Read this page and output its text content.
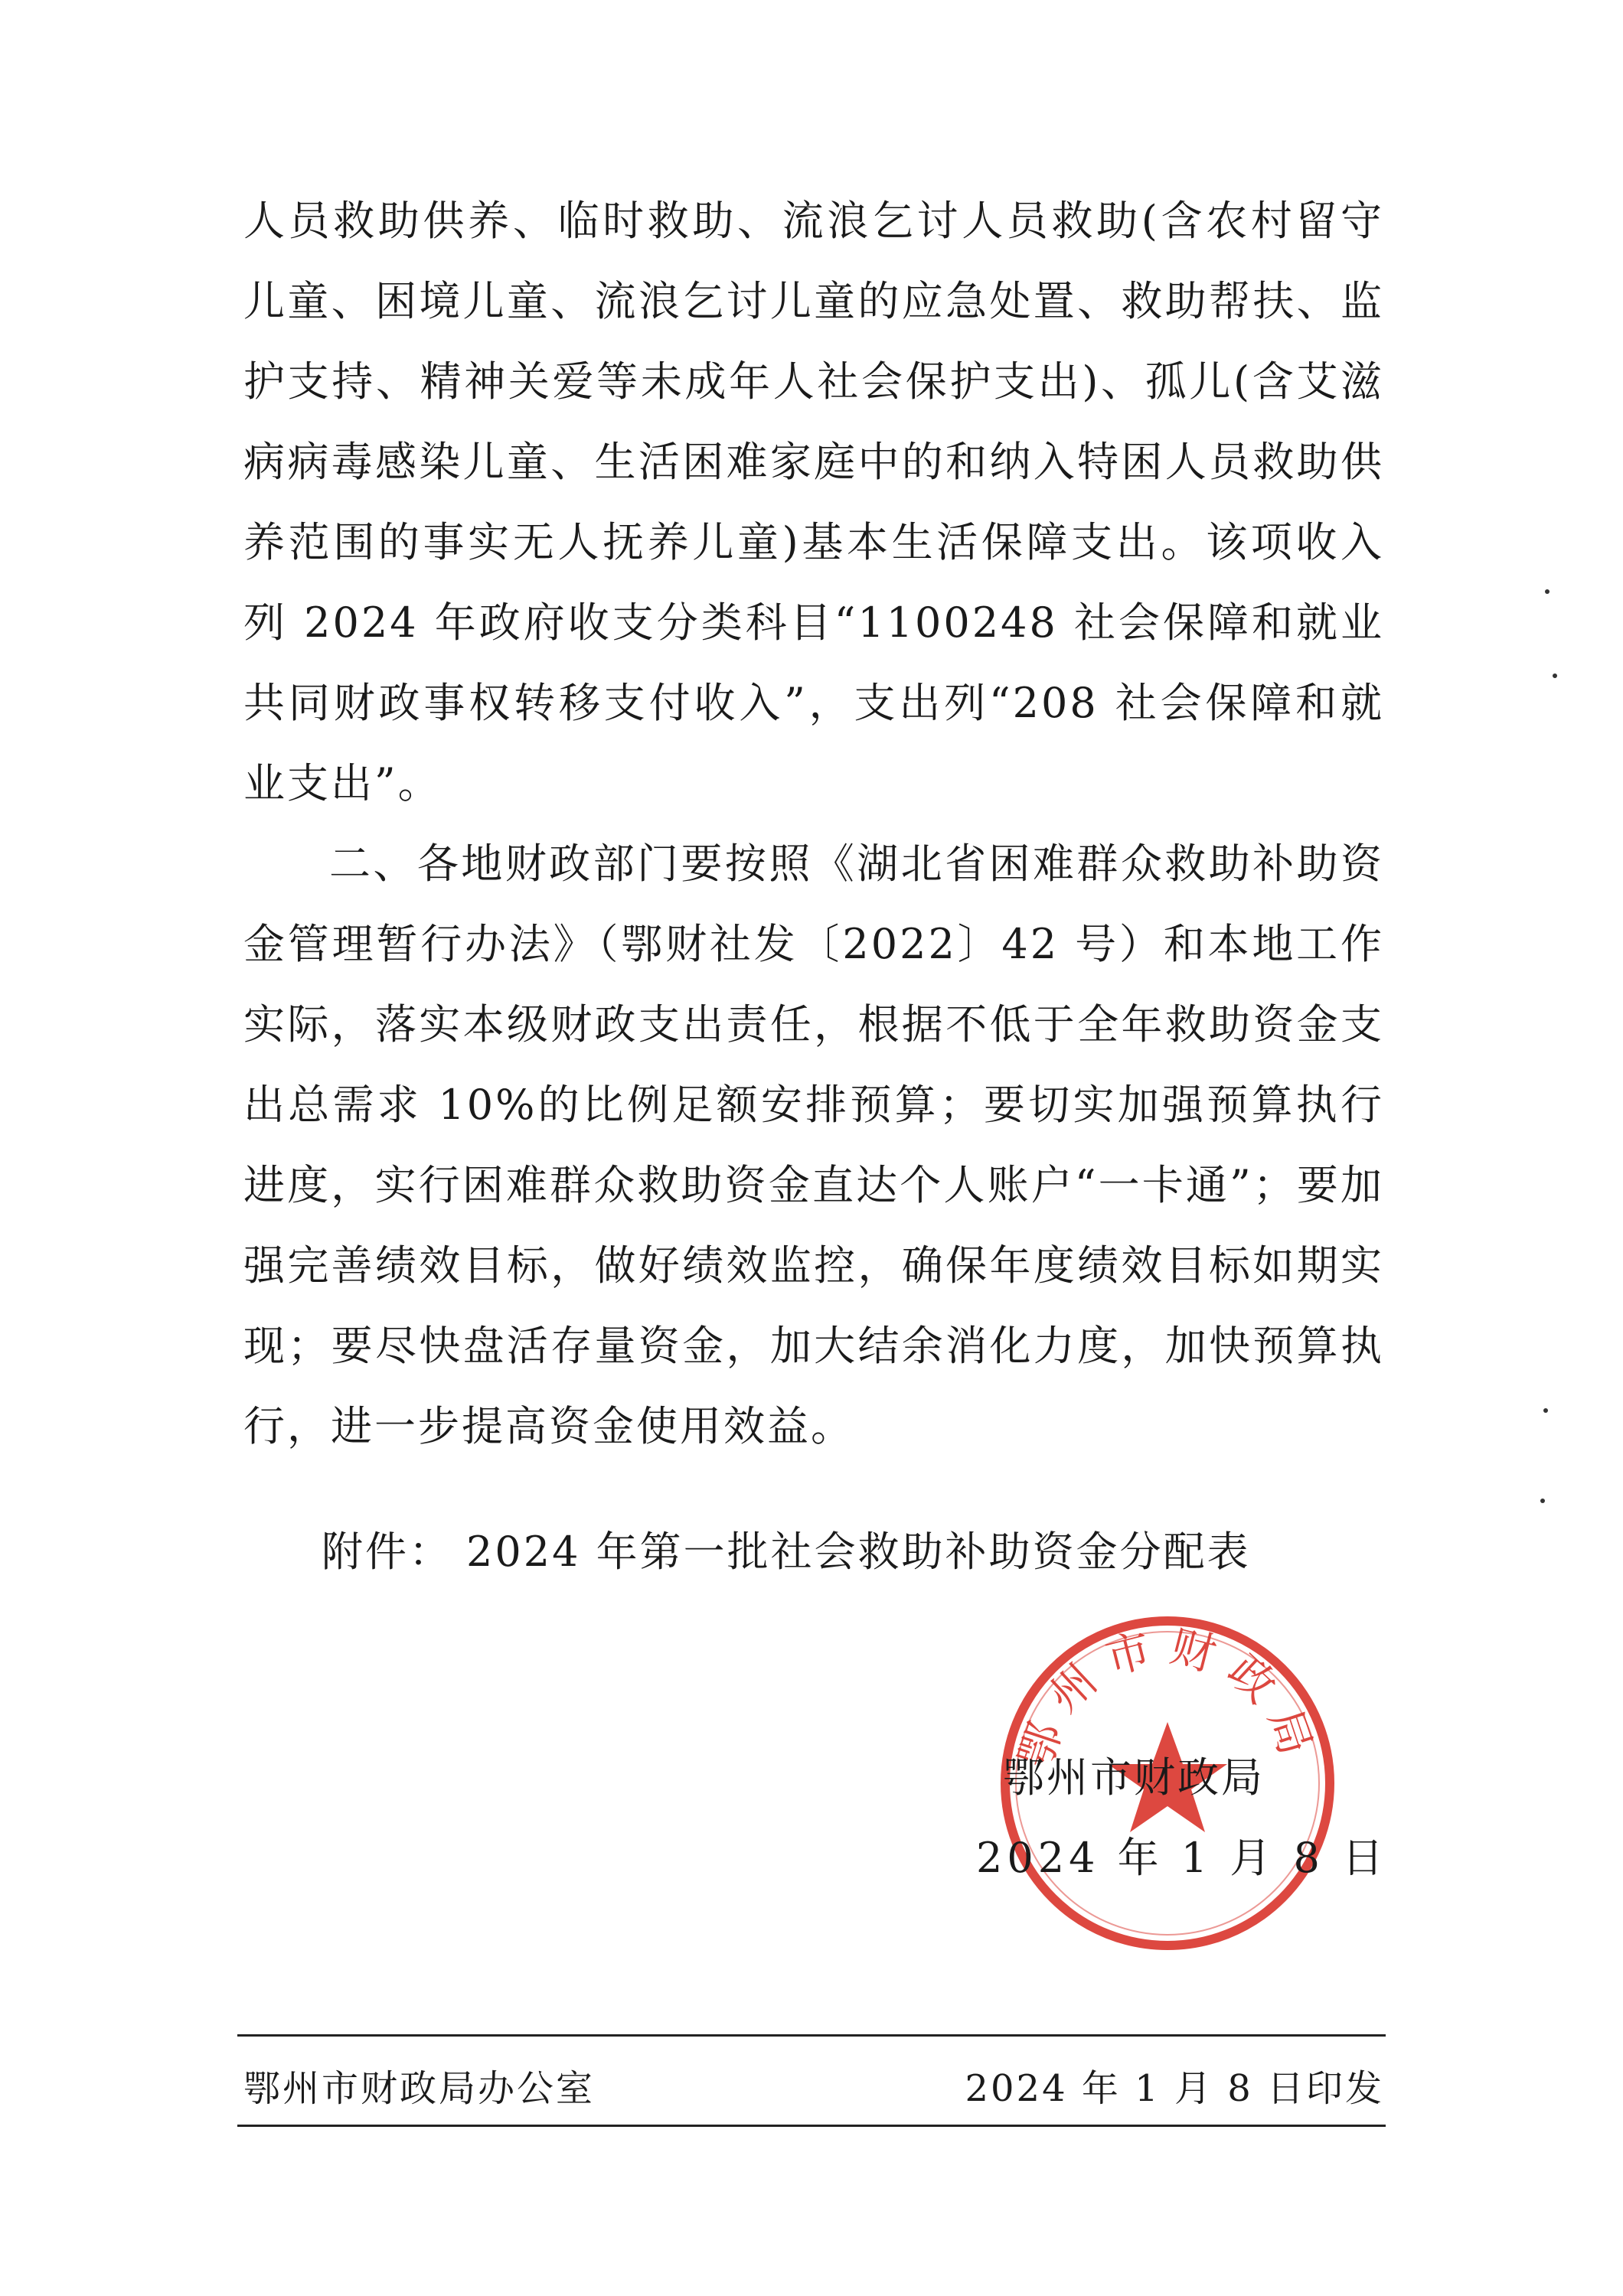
人员救助供养、临时救助、流浪乞讨人员救助(含农村留守儿童、困境儿童、流浪乞讨儿童的应急处置、救助帮扶、监护支持、精神关爱等未成年人社会保护支出)、孤儿(含艾滋病病毒感染儿童、生活困难家庭中的和纳入特困人员救助供养范围的事实无人抚养儿童)基本生活保障支出。该项收入列 2024 年政府收支分类科目“1100248 社会保障和就业共同财政事权转移支付收入”，支出列“208 社会保障和就业支出”。

二、各地财政部门要按照《湖北省困难群众救助补助资金管理暂行办法》（鄂财社发〔2022〕42 号）和本地工作实际，落实本级财政支出责任，根据不低于全年救助资金支出总需求 10%的比例足额安排预算；要切实加强预算执行进度，实行困难群众救助资金直达个人账户“一卡通”；要加强完善绩效目标，做好绩效监控，确保年度绩效目标如期实现；要尽快盘活存量资金，加大结余消化力度，加快预算执行，进一步提高资金使用效益。

附件： 2024 年第一批社会救助补助资金分配表
鄂州市财政局
鄂州市财政局
2024 年 1 月 8 日
鄂州市财政局办公室	2024 年 1 月 8 日印发
